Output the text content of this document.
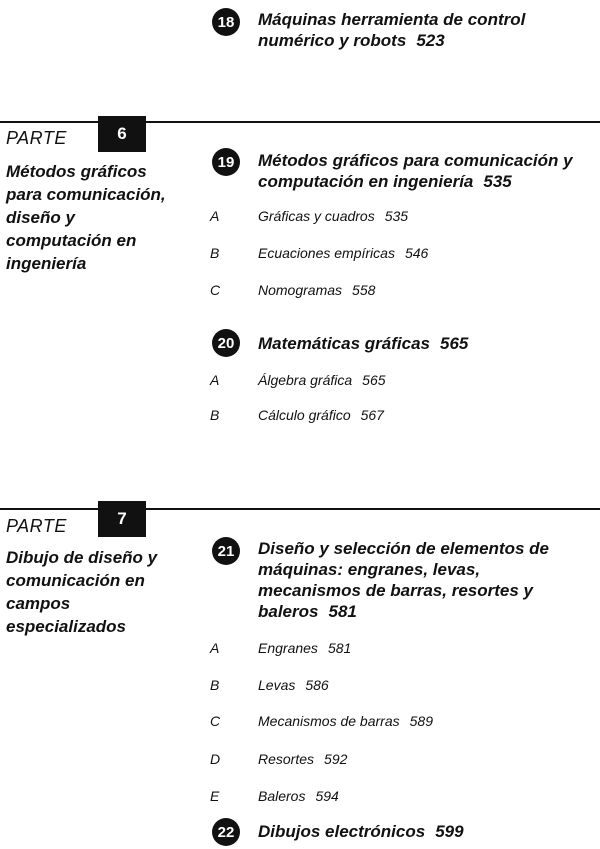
18	Máquinas herramienta de control
numérico y robots 523
6
PARTE
Métodos gráficos
para comunicación,
diseño y
computación en
ingeniería
19	Métodos gráficos para comunicación y
computación en ingeniería 535
A	Gráficas y cuadros 535
B	Ecuaciones empíricas 546
C	Nomogramas 558
20	Matemáticas gráficas 565
A	Álgebra gráfica 565
B	Cálculo gráfico 567
7
PARTE
Dibujo de diseño y
comunicación en
campos
especializados
21	Diseño y selección de elementos de
máquinas: engranes, levas,
mecanismos de barras, resortes y
baleros 581
A	Engranes 581
B	Levas 586
C	Mecanismos de barras 589
D	Resortes 592
E	Baleros 594
22	Dibujos electrónicos 599
